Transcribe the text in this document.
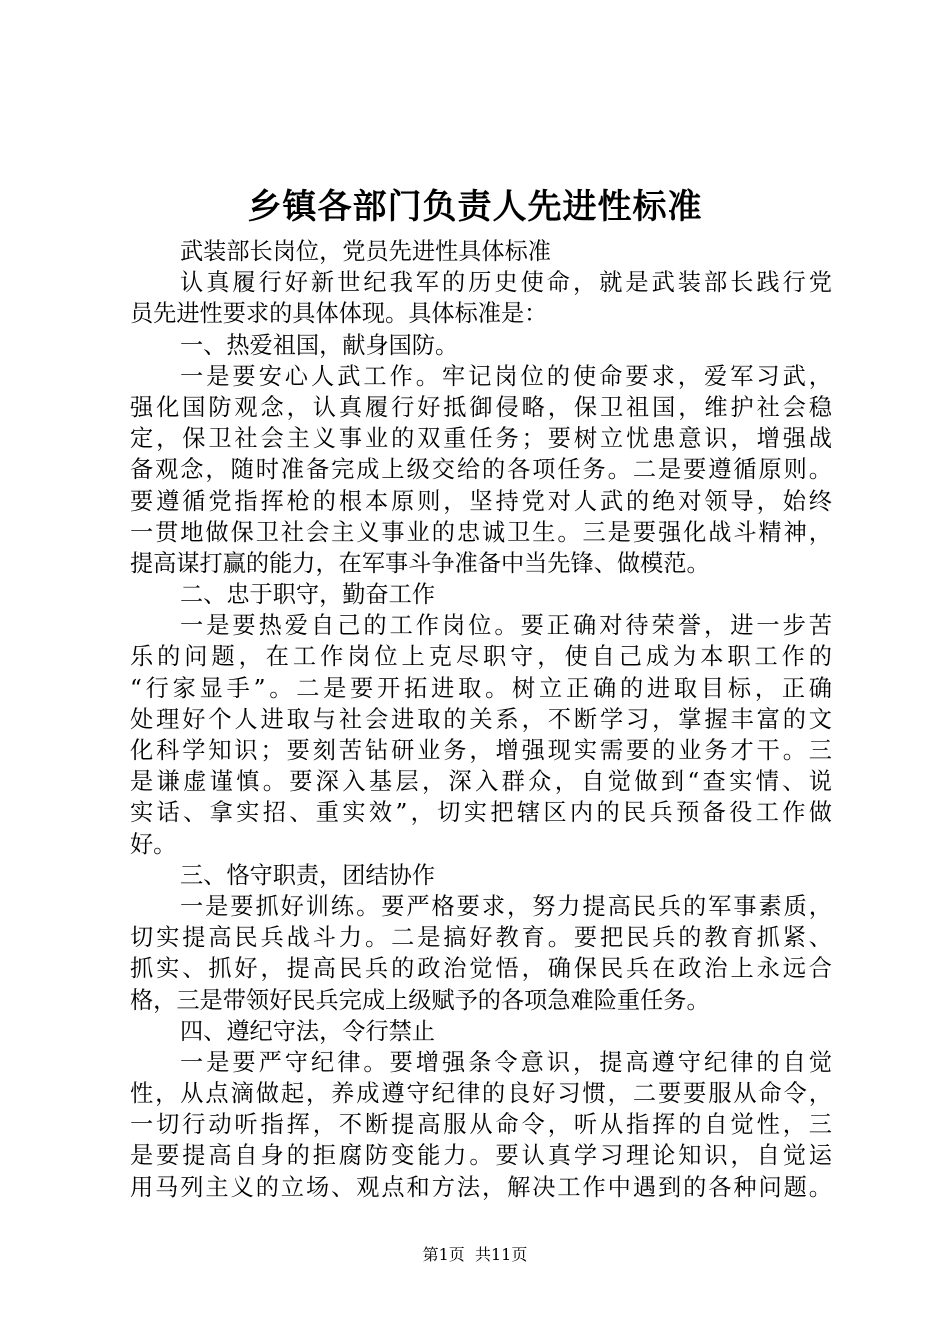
乡镇各部门负责人先进性标准
武装部长岗位，党员先进性具体标准
认真履行好新世纪我军的历史使命，就是武装部长践行党
员先进性要求的具体体现。具体标准是：
一、热爱祖国，献身国防。
一是要安心人武工作。牢记岗位的使命要求，爱军习武，
强化国防观念，认真履行好抵御侵略，保卫祖国，维护社会稳
定，保卫社会主义事业的双重任务；要树立忧患意识，增强战
备观念，随时准备完成上级交给的各项任务。二是要遵循原则。
要遵循党指挥枪的根本原则，坚持党对人武的绝对领导，始终
一贯地做保卫社会主义事业的忠诚卫生。三是要强化战斗精神，
提高谋打赢的能力，在军事斗争准备中当先锋、做模范。
二、忠于职守，勤奋工作
一是要热爱自己的工作岗位。要正确对待荣誉，进一步苦
乐的问题，在工作岗位上克尽职守，使自己成为本职工作的
“行家显手”。二是要开拓进取。树立正确的进取目标，正确
处理好个人进取与社会进取的关系，不断学习，掌握丰富的文
化科学知识；要刻苦钻研业务，增强现实需要的业务才干。三
是谦虚谨慎。要深入基层，深入群众，自觉做到“查实情、说
实话、拿实招、重实效”，切实把辖区内的民兵预备役工作做
好。
三、恪守职责，团结协作
一是要抓好训练。要严格要求，努力提高民兵的军事素质，
切实提高民兵战斗力。二是搞好教育。要把民兵的教育抓紧、
抓实、抓好，提高民兵的政治觉悟，确保民兵在政治上永远合
格，三是带领好民兵完成上级赋予的各项急难险重任务。
四、遵纪守法，令行禁止
一是要严守纪律。要增强条令意识，提高遵守纪律的自觉
性，从点滴做起，养成遵守纪律的良好习惯，二要要服从命令，
一切行动听指挥，不断提高服从命令，听从指挥的自觉性，三
是要提高自身的拒腐防变能力。要认真学习理论知识，自觉运
用马列主义的立场、观点和方法，解决工作中遇到的各种问题。
第1页 共11页
